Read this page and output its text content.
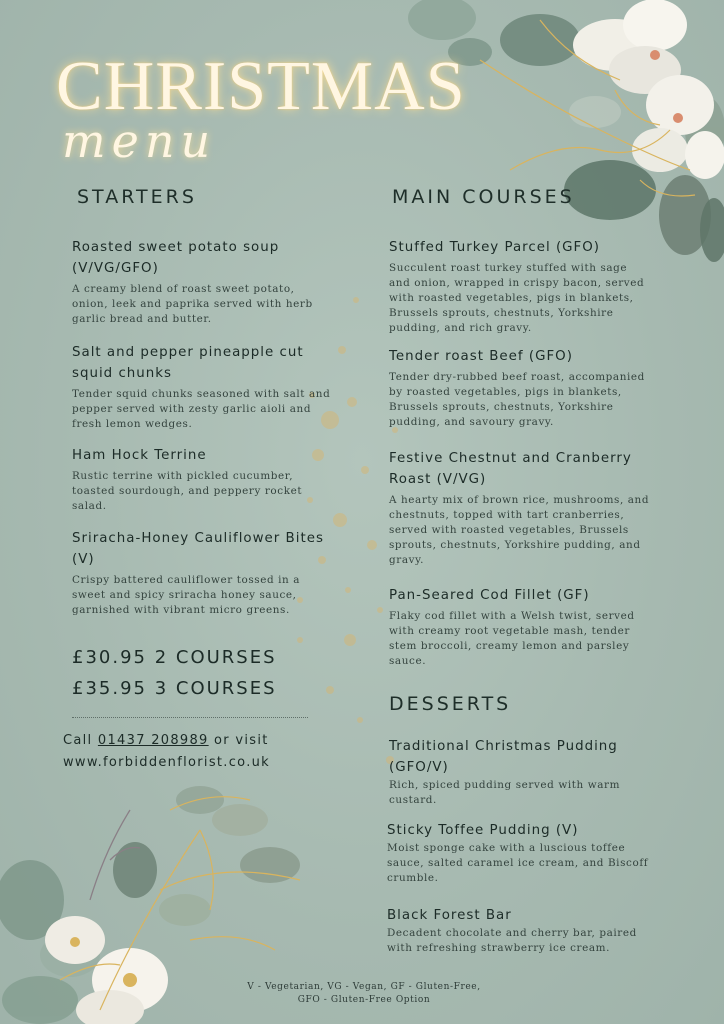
CHRISTMAS
menu
STARTERS
Roasted sweet potato soup (V/VG/GFO)
A creamy blend of roast sweet potato, onion, leek and paprika served with herb garlic bread and butter.
Salt and pepper pineapple cut squid chunks
Tender squid chunks seasoned with salt and pepper served with zesty garlic aioli and fresh lemon wedges.
Ham Hock Terrine
Rustic terrine with pickled cucumber, toasted sourdough, and peppery rocket salad.
Sriracha-Honey Cauliflower Bites (V)
Crispy battered cauliflower tossed in a sweet and spicy sriracha honey sauce, garnished with vibrant micro greens.
£30.95 2 COURSES
£35.95 3 COURSES
Call 01437 208989 or visit
www.forbiddenflorist.co.uk
MAIN COURSES
Stuffed Turkey Parcel (GFO)
Succulent roast turkey stuffed with sage and onion, wrapped in crispy bacon, served with roasted vegetables, pigs in blankets, Brussels sprouts, chestnuts, Yorkshire pudding, and rich gravy.
Tender roast Beef (GFO)
Tender dry-rubbed beef roast, accompanied by roasted vegetables, pigs in blankets, Brussels sprouts, chestnuts, Yorkshire pudding, and savoury gravy.
Festive Chestnut and Cranberry Roast (V/VG)
A hearty mix of brown rice, mushrooms, and chestnuts, topped with tart cranberries, served with roasted vegetables, Brussels sprouts, chestnuts, Yorkshire pudding, and gravy.
Pan-Seared Cod Fillet (GF)
Flaky cod fillet with a Welsh twist, served with creamy root vegetable mash, tender stem broccoli, creamy lemon and parsley sauce.
DESSERTS
Traditional Christmas Pudding (GFO/V)
Rich, spiced pudding served with warm custard.
Sticky Toffee Pudding (V)
Moist sponge cake with a luscious toffee sauce, salted caramel ice cream, and Biscoff crumble.
Black Forest Bar
Decadent chocolate and cherry bar, paired with refreshing strawberry ice cream.
V - Vegetarian, VG - Vegan, GF - Gluten-Free,
GFO - Gluten-Free Option
